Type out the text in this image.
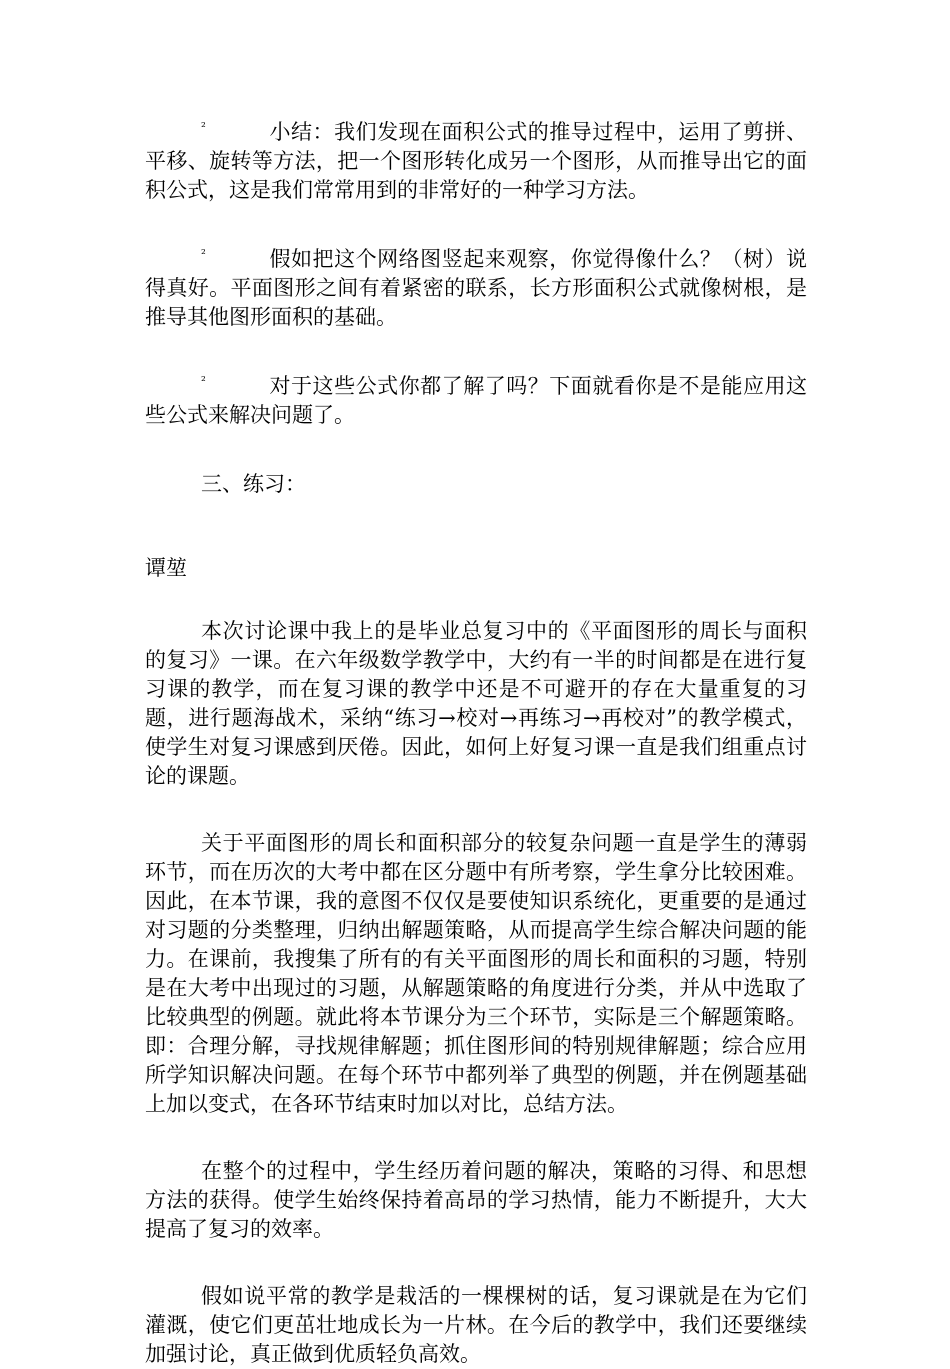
²	小结：我们发现在面积公式的推导过程中，运用了剪拼、平移、旋转等方法，把一个图形转化成另一个图形，从而推导出它的面积公式，这是我们常常用到的非常好的一种学习方法。

²	假如把这个网络图竖起来观察，你觉得像什么？（树）说得真好。平面图形之间有着紧密的联系，长方形面积公式就像树根，是推导其他图形面积的基础。

²	对于这些公式你都了解了吗？下面就看你是不是能应用这些公式来解决问题了。

三、练习：

谭堃

本次讨论课中我上的是毕业总复习中的《平面图形的周长与面积的复习》一课。在六年级数学教学中，大约有一半的时间都是在进行复习课的教学，而在复习课的教学中还是不可避开的存在大量重复的习题，进行题海战术，采纳“练习→校对→再练习→再校对”的教学模式，使学生对复习课感到厌倦。因此，如何上好复习课一直是我们组重点讨论的课题。

关于平面图形的周长和面积部分的较复杂问题一直是学生的薄弱环节，而在历次的大考中都在区分题中有所考察，学生拿分比较困难。因此，在本节课，我的意图不仅仅是要使知识系统化，更重要的是通过对习题的分类整理，归纳出解题策略，从而提高学生综合解决问题的能力。在课前，我搜集了所有的有关平面图形的周长和面积的习题，特别是在大考中出现过的习题，从解题策略的角度进行分类，并从中选取了比较典型的例题。就此将本节课分为三个环节，实际是三个解题策略。即：合理分解，寻找规律解题；抓住图形间的特别规律解题；综合应用所学知识解决问题。在每个环节中都列举了典型的例题，并在例题基础上加以变式，在各环节结束时加以对比，总结方法。

在整个的过程中，学生经历着问题的解决，策略的习得、和思想方法的获得。使学生始终保持着高昂的学习热情，能力不断提升，大大提高了复习的效率。

假如说平常的教学是栽活的一棵棵树的话，复习课就是在为它们灌溉，使它们更茁壮地成长为一片林。在今后的教学中，我们还要继续加强讨论，真正做到优质轻负高效。
